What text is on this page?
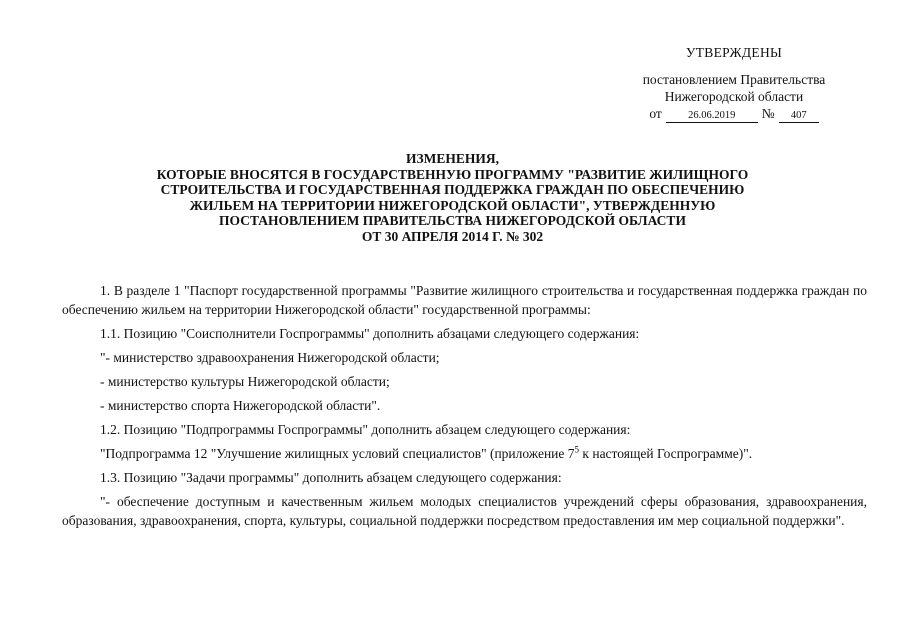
УТВЕРЖДЕНЫ
постановлением Правительства
Нижегородской области
от	26.06.2019	№	407
ИЗМЕНЕНИЯ,
КОТОРЫЕ ВНОСЯТСЯ В ГОСУДАРСТВЕННУЮ ПРОГРАММУ "РАЗВИТИЕ ЖИЛИЩНОГО
СТРОИТЕЛЬСТВА И ГОСУДАРСТВЕННАЯ ПОДДЕРЖКА ГРАЖДАН ПО ОБЕСПЕЧЕНИЮ
ЖИЛЬЕМ НА ТЕРРИТОРИИ НИЖЕГОРОДСКОЙ ОБЛАСТИ", УТВЕРЖДЕННУЮ
ПОСТАНОВЛЕНИЕМ ПРАВИТЕЛЬСТВА НИЖЕГОРОДСКОЙ ОБЛАСТИ
ОТ 30 АПРЕЛЯ 2014 Г. № 302

1. В разделе 1 "Паспорт государственной программы "Развитие жилищного строительства и государственная поддержка граждан по обеспечению жильем на территории Нижегородской области" государственной программы:

1.1. Позицию "Соисполнители Госпрограммы" дополнить абзацами следующего содержания:

"- министерство здравоохранения Нижегородской области;

- министерство культуры Нижегородской области;

- министерство спорта Нижегородской области".

1.2. Позицию "Подпрограммы Госпрограммы" дополнить абзацем следующего содержания:

"Подпрограмма 12 "Улучшение жилищных условий специалистов" (приложение $7^5$ к настоящей Госпрограмме)".

1.3. Позицию "Задачи программы" дополнить абзацем следующего содержания:

"- обеспечение доступным и качественным жильем молодых специалистов учреждений сферы образования, здравоохранения, образования, здравоохранения, спорта, культуры, социальной поддержки посредством предоставления им мер социальной поддержки".
